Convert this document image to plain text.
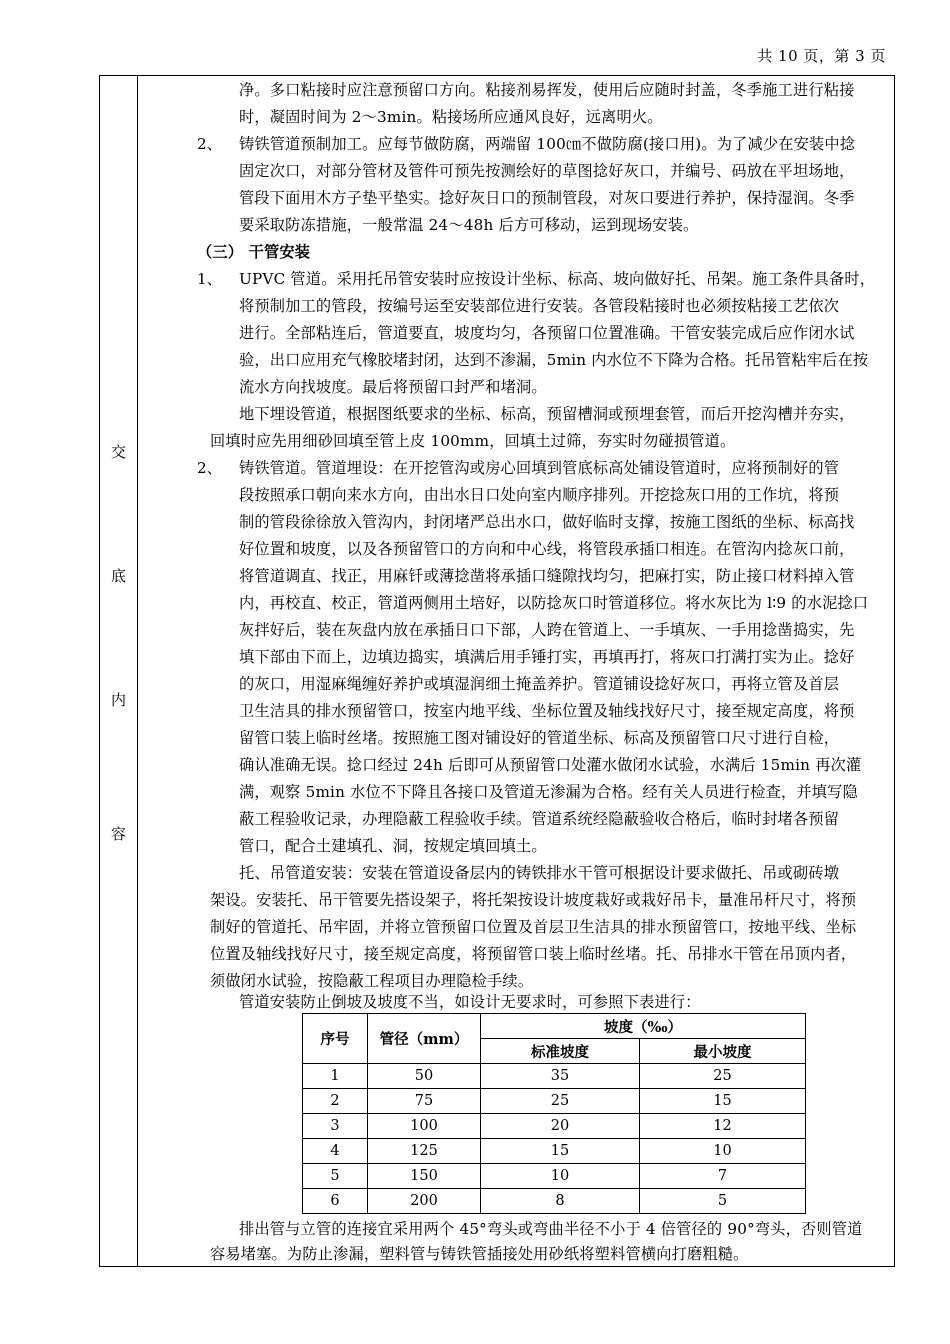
共 10 页，第 3 页
交
底
内
容
净。多口粘接时应注意预留口方向。粘接剂易挥发，使用后应随时封盖，冬季施工进行粘接
时，凝固时间为 2～3min。粘接场所应通风良好，远离明火。
2、 铸铁管道预制加工。应每节做防腐，两端留 100㎝不做防腐(接口用)。为了减少在安装中捻
固定次口，对部分管材及管件可预先按测绘好的草图捻好灰口，并编号、码放在平坦场地，
管段下面用木方子垫平垫实。捻好灰日口的预制管段，对灰口要进行养护，保持湿润。冬季
要采取防冻措施，一般常温 24～48h 后方可移动，运到现场安装。
（三） 干管安装
1、 UPVC 管道。采用托吊管安装时应按设计坐标、标高、坡向做好托、吊架。施工条件具备时，
将预制加工的管段，按编号运至安装部位进行安装。各管段粘接时也必须按粘接工艺依次
进行。全部粘连后，管道要直，坡度均匀，各预留口位置准确。干管安装完成后应作闭水试
验，出口应用充气橡胶堵封闭，达到不渗漏，5min 内水位不下降为合格。托吊管粘牢后在按
流水方向找坡度。最后将预留口封严和堵洞。
地下埋设管道，根据图纸要求的坐标、标高，预留槽洞或预埋套管，而后开挖沟槽并夯实，
回填时应先用细砂回填至管上皮 100mm，回填土过筛，夯实时勿碰损管道。
2、 铸铁管道。管道埋设：在开挖管沟或房心回填到管底标高处铺设管道时，应将预制好的管
段按照承口朝向来水方向，由出水日口处向室内顺序排列。开挖捻灰口用的工作坑，将预
制的管段徐徐放入管沟内，封闭堵严总出水口，做好临时支撑，按施工图纸的坐标、标高找
好位置和坡度，以及各预留管口的方向和中心线，将管段承插口相连。在管沟内捻灰口前，
将管道调直、找正，用麻钎或薄捻凿将承插口缝隙找均匀，把麻打实，防止接口材料掉入管
内，再校直、校正，管道两侧用土培好，以防捻灰口时管道移位。将水灰比为 l∶9 的水泥捻口
灰拌好后，装在灰盘内放在承插日口下部，人跨在管道上、一手填灰、一手用捻凿捣实，先
填下部由下而上，边填边捣实，填满后用手锤打实，再填再打，将灰口打满打实为止。捻好
的灰口，用湿麻绳缠好养护或填湿润细土掩盖养护。管道铺设捻好灰口，再将立管及首层
卫生洁具的排水预留管口，按室内地平线、坐标位置及轴线找好尺寸，接至规定高度，将预
留管口装上临时丝堵。按照施工图对铺设好的管道坐标、标高及预留管口尺寸进行自检，
确认准确无误。捻口经过 24h 后即可从预留管口处灌水做闭水试验，水满后 15min 再次灌
满，观察 5min 水位不下降且各接口及管道无渗漏为合格。经有关人员进行检查，并填写隐
蔽工程验收记录，办理隐蔽工程验收手续。管道系统经隐蔽验收合格后，临时封堵各预留
管口，配合土建填孔、洞，按规定填回填土。
托、吊管道安装：安装在管道设备层内的铸铁排水干管可根据设计要求做托、吊或砌砖墩
架设。安装托、吊干管要先搭设架子，将托架按设计坡度栽好或栽好吊卡，量准吊杆尺寸，将预
制好的管道托、吊牢固，并将立管预留口位置及首层卫生洁具的排水预留管口，按地平线、坐标
位置及轴线找好尺寸，接至规定高度，将预留管口装上临时丝堵。托、吊排水干管在吊顶内者，
须做闭水试验，按隐蔽工程项目办理隐检手续。
管道安装防止倒坡及坡度不当，如设计无要求时，可参照下表进行：
序号	管径（mm）	坡度（‰）	
		标准坡度	最小坡度
1	50	35	25
2	75	25	15
3	100	20	12
4	125	15	10
5	150	10	7
6	200	8	5
排出管与立管的连接宜采用两个 45°弯头或弯曲半径不小于 4 倍管径的 90°弯头，否则管道
容易堵塞。为防止渗漏，塑料管与铸铁管插接处用砂纸将塑料管横向打磨粗糙。
